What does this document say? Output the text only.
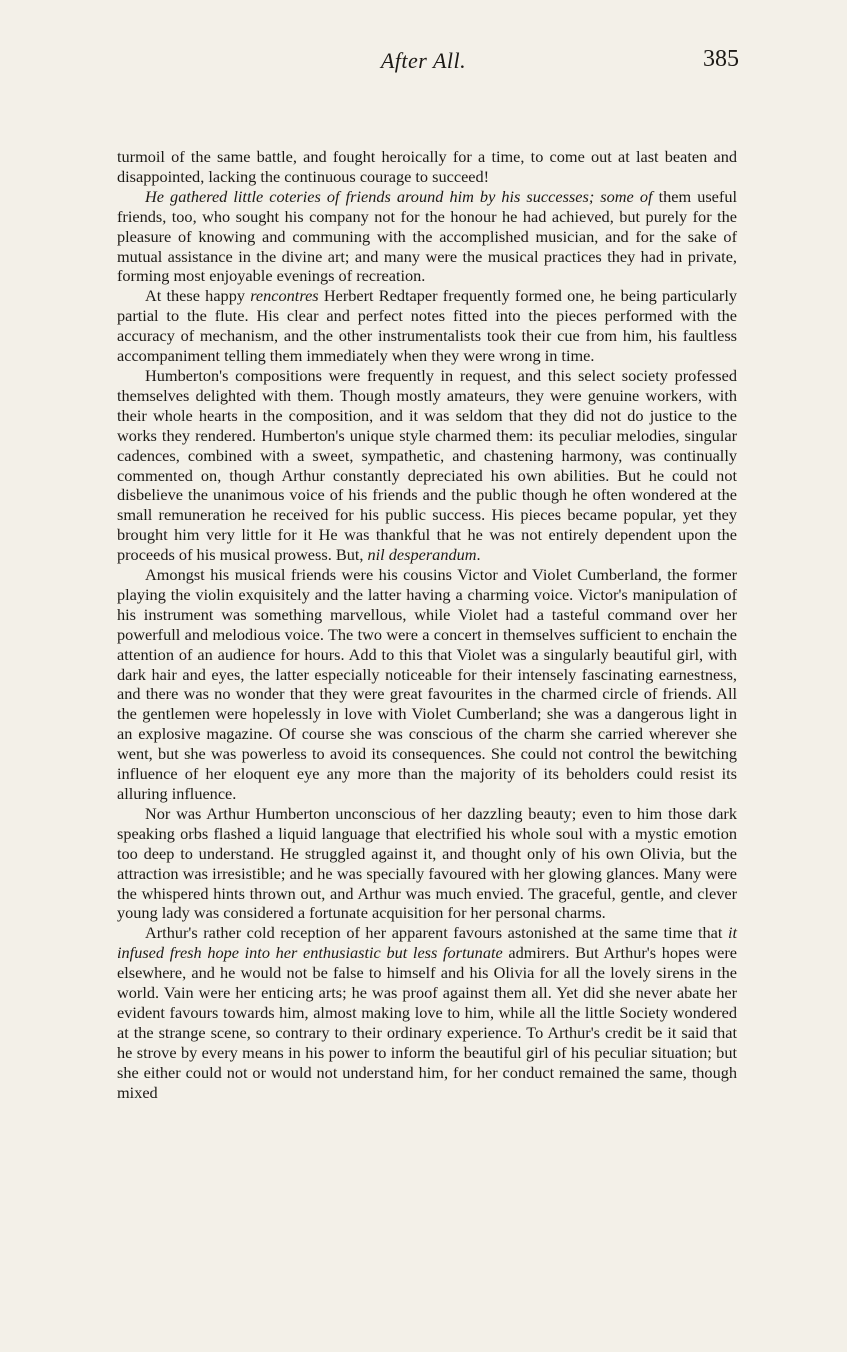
After All.	385

turmoil of the same battle, and fought heroically for a time, to come out at last beaten and disappointed, lacking the continuous courage to succeed!

He gathered little coteries of friends around him by his successes; some of them useful friends, too, who sought his company not for the honour he had achieved, but purely for the pleasure of knowing and communing with the accomplished musician, and for the sake of mutual assistance in the divine art; and many were the musical practices they had in private, forming most enjoyable evenings of recreation.

At these happy rencontres Herbert Redtaper frequently formed one, he being particularly partial to the flute. His clear and perfect notes fitted into the pieces performed with the accuracy of mechanism, and the other instrumentalists took their cue from him, his faultless accompaniment telling them immediately when they were wrong in time.

Humberton's compositions were frequently in request, and this select society professed themselves delighted with them. Though mostly amateurs, they were genuine workers, with their whole hearts in the composition, and it was seldom that they did not do justice to the works they rendered. Humberton's unique style charmed them: its peculiar melodies, singular cadences, combined with a sweet, sympathetic, and chastening harmony, was continually commented on, though Arthur constantly depreciated his own abilities. But he could not disbelieve the unanimous voice of his friends and the public though he often wondered at the small remuneration he received for his public success. His pieces became popular, yet they brought him very little for it He was thankful that he was not entirely dependent upon the proceeds of his musical prowess. But, nil desperandum.

Amongst his musical friends were his cousins Victor and Violet Cumberland, the former playing the violin exquisitely and the latter having a charming voice. Victor's manipulation of his instrument was something marvellous, while Violet had a tasteful command over her powerfull and melodious voice. The two were a concert in themselves sufficient to enchain the attention of an audience for hours. Add to this that Violet was a singularly beautiful girl, with dark hair and eyes, the latter especially noticeable for their intensely fascinating earnestness, and there was no wonder that they were great favourites in the charmed circle of friends. All the gentlemen were hopelessly in love with Violet Cumberland; she was a dangerous light in an explosive magazine. Of course she was conscious of the charm she carried wherever she went, but she was powerless to avoid its consequences. She could not control the bewitching influence of her eloquent eye any more than the majority of its beholders could resist its alluring influence.

Nor was Arthur Humberton unconscious of her dazzling beauty; even to him those dark speaking orbs flashed a liquid language that electrified his whole soul with a mystic emotion too deep to understand. He struggled against it, and thought only of his own Olivia, but the attraction was irresistible; and he was specially favoured with her glowing glances. Many were the whispered hints thrown out, and Arthur was much envied. The graceful, gentle, and clever young lady was considered a fortunate acquisition for her personal charms.

Arthur's rather cold reception of her apparent favours astonished at the same time that it infused fresh hope into her enthusiastic but less fortunate admirers. But Arthur's hopes were elsewhere, and he would not be false to himself and his Olivia for all the lovely sirens in the world. Vain were her enticing arts; he was proof against them all. Yet did she never abate her evident favours towards him, almost making love to him, while all the little Society wondered at the strange scene, so contrary to their ordinary experience. To Arthur's credit be it said that he strove by every means in his power to inform the beautiful girl of his peculiar situation; but she either could not or would not understand him, for her conduct remained the same, though mixed
